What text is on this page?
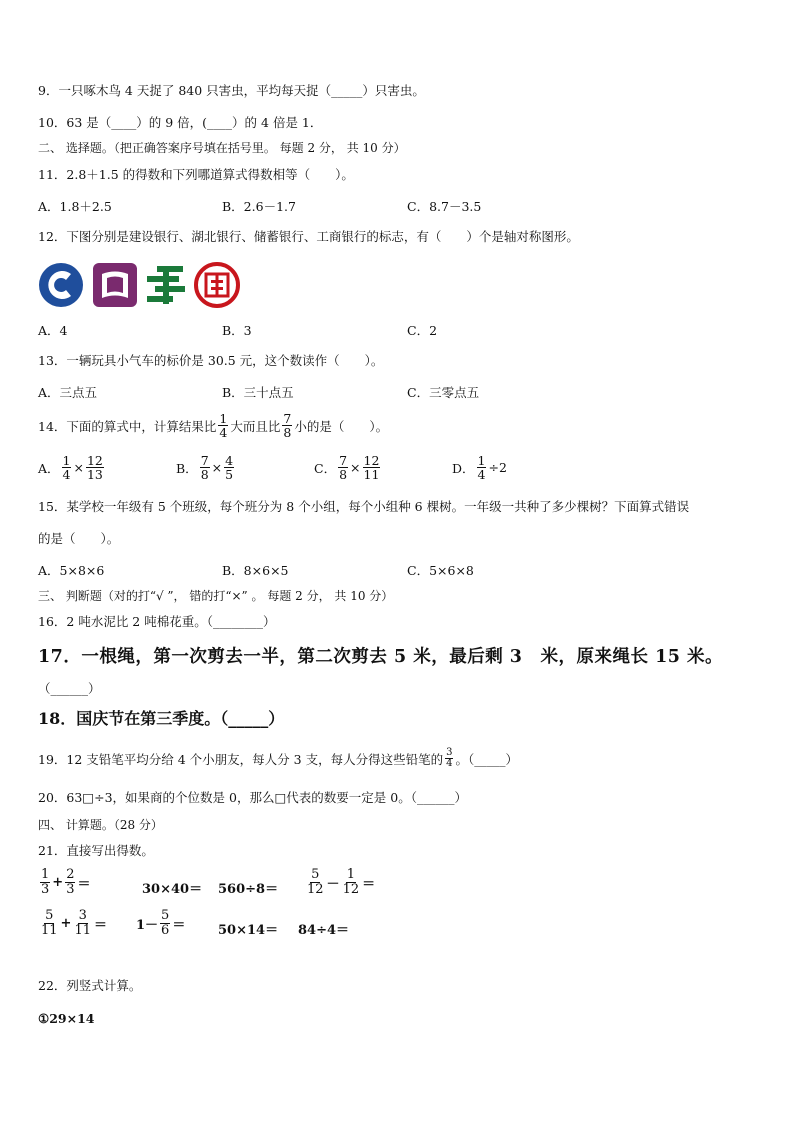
9．一只啄木鸟 4 天捉了 840 只害虫，平均每天捉（_____）只害虫。
10．63 是（____）的 9 倍，(____）的 4 倍是 1．
二、 选择题。（把正确答案序号填在括号里。 每题 2 分， 共 10 分）
11．2.8＋1.5 的得数和下列哪道算式得数相等（　　）。
A．1.8＋2.5	B．2.6－1.7	C．8.7－3.5
12．下图分别是建设银行、湖北银行、储蓄银行、工商银行的标志，有（　　）个是轴对称图形。
A．4	B．3	C．2
13．一辆玩具小气车的标价是 30.5 元，这个数读作（　　）。
A．三点五	B．三十点五	C．三零点五
14．下面的算式中，计算结果比 $\frac{1}{4}$ 大而且比 $\frac{7}{8}$ 小的是（　　）。
A． $\frac{1}{4} \times \frac{12}{13}$	B． $\frac{7}{8} \times \frac{4}{5}$	C． $\frac{7}{8} \times \frac{12}{11}$	D． $\frac{1}{4} \div 2$
15．某学校一年级有 5 个班级，每个班分为 8 个小组，每个小组种 6 棵树。一年级一共种了多少棵树？下面算式错误
的是（　　）。
A．5×8×6	B．8×6×5	C．5×6×8
三、 判断题（对的打“√ ”， 错的打“×” 。 每题 2 分， 共 10 分）
16．2 吨水泥比 2 吨棉花重。（________）
17．一根绳，第一次剪去一半，第二次剪去 5 米，最后剩 3　米，原来绳长 15 米。
（______）
18．国庆节在第三季度。（_____）
19．12 支铅笔平均分给 4 个小朋友，每人分 3 支，每人分得这些铅笔的 $\frac{3}{4}$ 。（_____）
20．63□÷3，如果商的个位数是 0，那么□代表的数要一定是 0。（______）
四、 计算题。（28 分）
21．直接写出得数。
$\frac{1}{3} + \frac{2}{3}$ ＝	$30\times 40= 560\div 8= \frac{5}{12} - \frac{1}{12}$ ＝
$\frac{5}{11} + \frac{3}{11} = 1- \frac{5}{6}$ ＝	50×14＝ 84÷4＝
22．列竖式计算。
①29×14
